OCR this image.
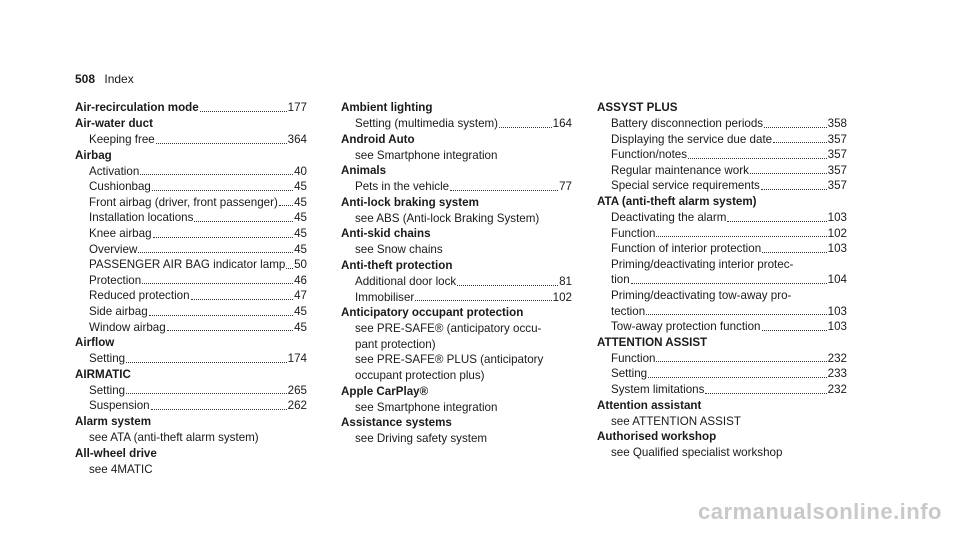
508 Index
Air-recirculation mode	177
Air-water duct
Keeping free	364
Airbag
Activation	40
Cushionbag	45
Front airbag (driver, front passenger) 45
Installation locations	45
Knee airbag	45
Overview	45
PASSENGER AIR BAG indicator lamp 50
Protection	46
Reduced protection	47
Side airbag	45
Window airbag	45
Airflow
Setting	174
AIRMATIC
Setting	265
Suspension	262
Alarm system
see ATA (anti-theft alarm system)
All-wheel drive
see 4MATIC
Ambient lighting
Setting (multimedia system)	164
Android Auto
see Smartphone integration
Animals
Pets in the vehicle	77
Anti-lock braking system
see ABS (Anti-lock Braking System)
Anti-skid chains
see Snow chains
Anti-theft protection
Additional door lock	81
Immobiliser	102
Anticipatory occupant protection
see PRE-SAFE® (anticipatory occu-
pant protection)
see PRE-SAFE® PLUS (anticipatory
occupant protection plus)
Apple CarPlay®
see Smartphone integration
Assistance systems
see Driving safety system
ASSYST PLUS
Battery disconnection periods	358
Displaying the service due date	357
Function/notes	357
Regular maintenance work	357
Special service requirements	357
ATA (anti-theft alarm system)
Deactivating the alarm	103
Function	102
Function of interior protection	103
Priming/deactivating interior protec-
tion	104
Priming/deactivating tow-away pro-
tection	103
Tow-away protection function	103
ATTENTION ASSIST
Function	232
Setting	233
System limitations	232
Attention assistant
see ATTENTION ASSIST
Authorised workshop
see Qualified specialist workshop
carmanualsonline.info
